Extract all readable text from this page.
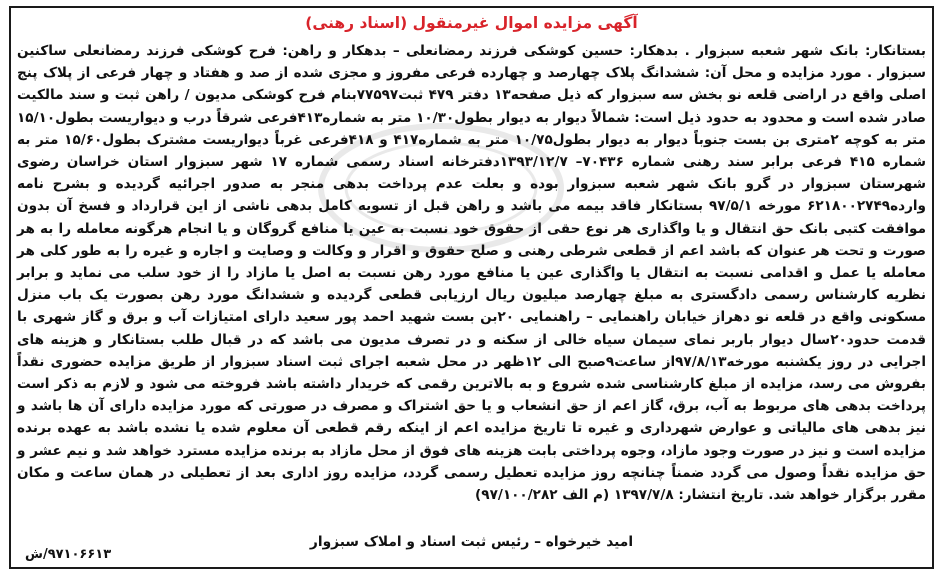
آگهی مزایده اموال غیرمنقول (اسناد رهنی)
بستانکار: بانک شهر شعبه سبزوار . بدهکار: حسین کوشکی فرزند رمضانعلی – بدهکار و راهن: فرح کوشکی فرزند رمضانعلی ساکنین سبزوار . مورد مزایده و محل آن: ششدانگ پلاک چهارصد و چهارده فرعی مفروز و مجزی شده از صد و هفتاد و چهار فرعی از پلاک پنج اصلی واقع در اراضی قلعه نو بخش سه سبزوار که ذیل صفحه۱۳ دفتر ۴۷۹ ثبت۷۷۵۹۷بنام فرح کوشکی مدیون / راهن ثبت و سند مالکیت صادر شده است و محدود به حدود ذیل است: شمالاً دیوار به دیوار بطول۱۰/۳۰ متر به شماره۴۱۳فرعی شرقاً درب و دیواریست بطول۱۵/۱۰ متر به کوچه ۲متری بن بست جنوباً دیوار به دیوار بطول۱۰/۷۵ متر به شماره۴۱۷ و ۴۱۸فرعی غرباً دیواریست مشترک بطول۱۵/۶۰ متر به شماره ۴۱۵ فرعی برابر سند رهنی شماره ۷۰۴۳۶– ۱۳۹۳/۱۲/۷دفترخانه اسناد رسمی شماره ۱۷ شهر سبزوار استان خراسان رضوی شهرستان سبزوار در گرو بانک شهر شعبه سبزوار بوده و بعلت عدم پرداخت بدهی منجر به صدور اجرائیه گردیده و بشرح نامه وارده۶۲۱۸۰۰۲۷۴۹ مورخه ۹۷/۵/۱ بستانکار فاقد بیمه می باشد و راهن قبل از تسویه کامل بدهی ناشی از این قرارداد و فسخ آن بدون موافقت کتبی بانک حق انتقال و یا واگذاری هر نوع حقی از حقوق خود نسبت به عین یا منافع گروگان و یا انجام هرگونه معامله را به هر صورت و تحت هر عنوان که باشد اعم از قطعی شرطی رهنی و صلح حقوق و اقرار و وکالت و وصایت و اجاره و غیره را به طور کلی هر معامله یا عمل و اقدامی نسبت به انتقال یا واگذاری عین یا منافع مورد رهن نسبت به اصل یا مازاد را از خود سلب می نماید و برابر نظریه کارشناس رسمی دادگستری به مبلغ چهارصد میلیون ریال ارزیابی قطعی گردیده و ششدانگ مورد رهن بصورت یک باب منزل مسکونی واقع در قلعه نو دهراز خیابان راهنمایی – راهنمایی ۲۰بن بست شهید احمد پور سعید دارای امتیازات آب و برق و گاز شهری با قدمت حدود۲۰سال دیوار باربر نمای سیمان سیاه خالی از سکنه و در تصرف مدیون می باشد که در قبال طلب بستانکار و هزینه های اجرایی در روز یکشنبه مورخه۹۷/۸/۱۳از ساعت۹صبح الی ۱۲ظهر در محل شعبه اجرای ثبت اسناد سبزوار از طریق مزایده حضوری نقداً بفروش می رسد، مزایده از مبلغ کارشناسی شده شروع و به بالاترین رقمی که خریدار داشته باشد فروخته می شود و لازم به ذکر است پرداخت بدهی های مربوط به آب، برق، گاز اعم از حق انشعاب و یا حق اشتراک و مصرف در صورتی که مورد مزایده دارای آن ها باشد و نیز بدهی های مالیاتی و عوارض شهرداری و غیره تا تاریخ مزایده اعم از اینکه رقم قطعی آن معلوم شده یا نشده باشد به عهده برنده مزایده است و نیز در صورت وجود مازاد، وجوه پرداختی بابت هزینه های فوق از محل مازاد به برنده مزایده مسترد خواهد شد و نیم عشر و حق مزایده نقداً وصول می گردد ضمناً چنانچه روز مزایده تعطیل رسمی گردد، مزایده روز اداری بعد از تعطیلی در همان ساعت و مکان مقرر برگزار خواهد شد. تاریخ انتشار: ۱۳۹۷/۷/۸ (م الف ۹۷/۱۰۰/۲۸۲)
امید خیرخواه – رئیس ثبت اسناد و املاک سبزوار
۹۷۱۰۶۶۱۳/ش
